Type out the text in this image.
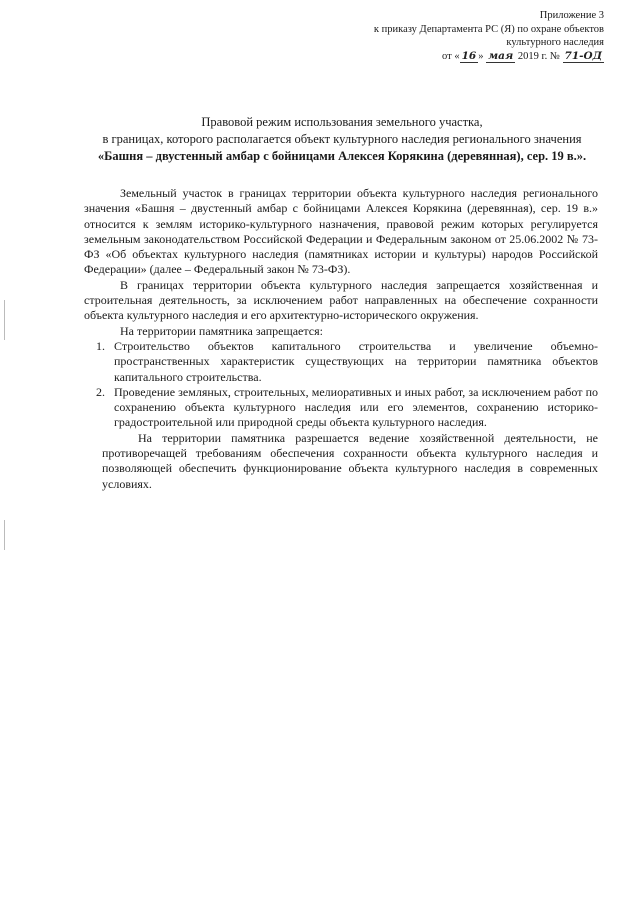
Приложение 3
к приказу Департамента РС (Я) по охране объектов
культурного наследия
от « 16 » мая 2019 г. № 71-ОД
Правовой режим использования земельного участка,
в границах, которого располагается объект культурного наследия регионального значения
«Башня – двустенный амбар с бойницами Алексея Корякина (деревянная), сер. 19 в.».

Земельный участок в границах территории объекта культурного наследия регионального значения «Башня – двустенный амбар с бойницами Алексея Корякина (деревянная), сер. 19 в.» относится к землям историко-культурного назначения, правовой режим которых регулируется земельным законодательством Российской Федерации и Федеральным законом от 25.06.2002 № 73-ФЗ «Об объектах культурного наследия (памятниках истории и культуры) народов Российской Федерации» (далее – Федеральный закон № 73-ФЗ).

В границах территории объекта культурного наследия запрещается хозяйственная и строительная деятельность, за исключением работ направленных на обеспечение сохранности объекта культурного наследия и его архитектурно-исторического окружения.

На территории памятника запрещается:

1. Строительство объектов капитального строительства и увеличение объемно-пространственных характеристик существующих на территории памятника объектов капитального строительства.
2. Проведение земляных, строительных, мелиоративных и иных работ, за исключением работ по сохранению объекта культурного наследия или его элементов, сохранению историко-градостроительной или природной среды объекта культурного наследия.

На территории памятника разрешается ведение хозяйственной деятельности, не противоречащей требованиям обеспечения сохранности объекта культурного наследия и позволяющей обеспечить функционирование объекта культурного наследия в современных условиях.
